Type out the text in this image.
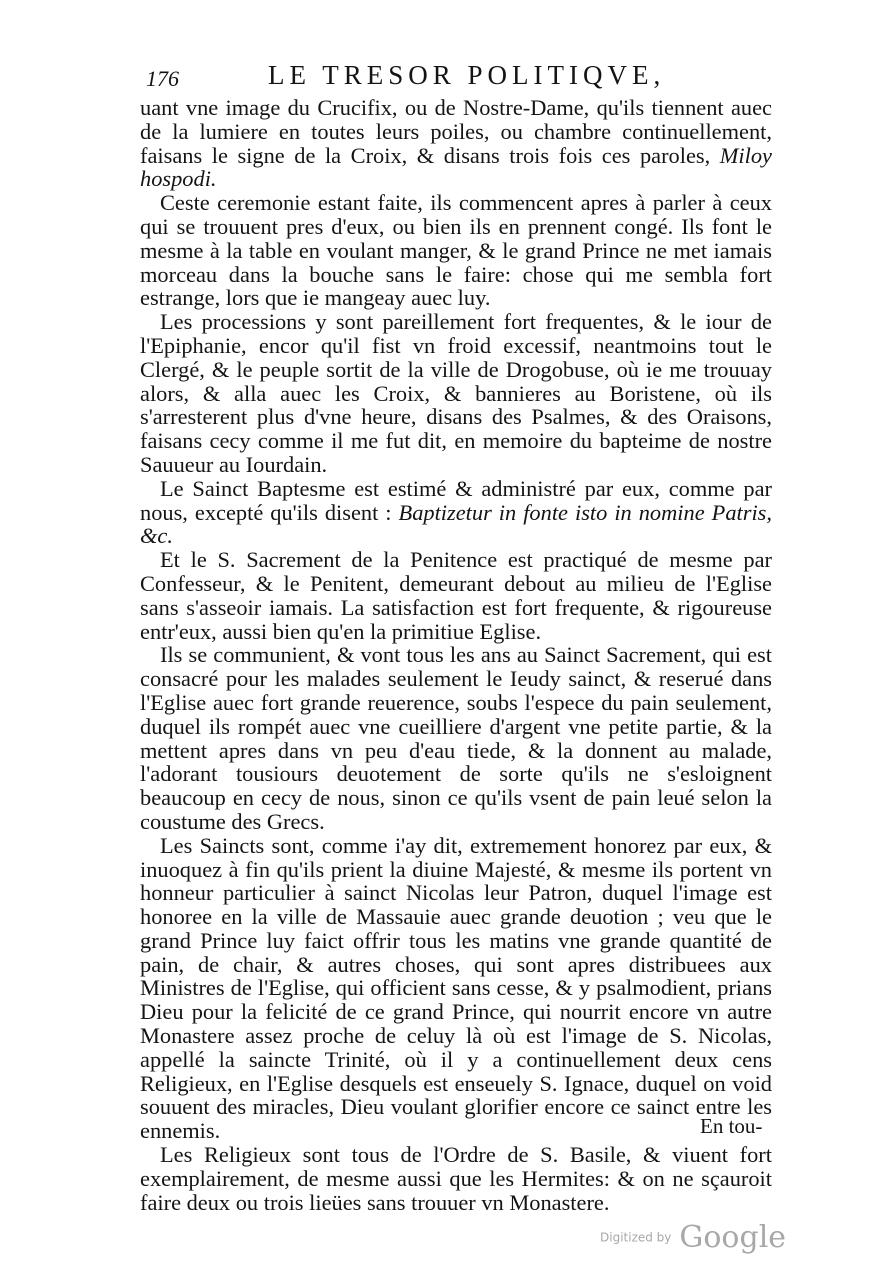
176	LE TRESOR POLITIQVE,

uant vne image du Crucifix, ou de Nostre-Dame, qu'ils tiennent auec de la lumiere en toutes leurs poiles, ou chambre continuellement, faisans le signe de la Croix, & disans trois fois ces paroles, Miloy hospodi.

Ceste ceremonie estant faite, ils commencent apres à parler à ceux qui se trouuent pres d'eux, ou bien ils en prennent congé. Ils font le mesme à la table en voulant manger, & le grand Prince ne met iamais morceau dans la bouche sans le faire: chose qui me sembla fort estrange, lors que ie mangeay auec luy.

Les processions y sont pareillement fort frequentes, & le iour de l'Epiphanie, encor qu'il fist vn froid excessif, neantmoins tout le Clergé, & le peuple sortit de la ville de Drogobuse, où ie me trouuay alors, & alla auec les Croix, & bannieres au Boristene, où ils s'arresterent plus d'vne heure, disans des Psalmes, & des Oraisons, faisans cecy comme il me fut dit, en memoire du bapteime de nostre Sauueur au Iourdain.

Le Sainct Baptesme est estimé & administré par eux, comme par nous, excepté qu'ils disent : Baptizetur in fonte isto in nomine Patris, &c.

Et le S. Sacrement de la Penitence est practiqué de mesme par Confesseur, & le Penitent, demeurant debout au milieu de l'Eglise sans s'asseoir iamais. La satisfaction est fort frequente, & rigoureuse entr'eux, aussi bien qu'en la primitiue Eglise.

Ils se communient, & vont tous les ans au Sainct Sacrement, qui est consacré pour les malades seulement le Ieudy sainct, & reserué dans l'Eglise auec fort grande reuerence, soubs l'espece du pain seulement, duquel ils rompét auec vne cueilliere d'argent vne petite partie, & la mettent apres dans vn peu d'eau tiede, & la donnent au malade, l'adorant tousiours deuotement de sorte qu'ils ne s'esloignent beaucoup en cecy de nous, sinon ce qu'ils vsent de pain leué selon la coustume des Grecs.

Les Saincts sont, comme i'ay dit, extremement honorez par eux, & inuoquez à fin qu'ils prient la diuine Majesté, & mesme ils portent vn honneur particulier à sainct Nicolas leur Patron, duquel l'image est honoree en la ville de Massauie auec grande deuotion ; veu que le grand Prince luy faict offrir tous les matins vne grande quantité de pain, de chair, & autres choses, qui sont apres distribuees aux Ministres de l'Eglise, qui officient sans cesse, & y psalmodient, prians Dieu pour la felicité de ce grand Prince, qui nourrit encore vn autre Monastere assez proche de celuy là où est l'image de S. Nicolas, appellé la saincte Trinité, où il y a continuellement deux cens Religieux, en l'Eglise desquels est enseuely S. Ignace, duquel on void souuent des miracles, Dieu voulant glorifier encore ce sainct entre les ennemis.

Les Religieux sont tous de l'Ordre de S. Basile, & viuent fort exemplairement, de mesme aussi que les Hermites: & on ne sçauroit faire deux ou trois lieües sans trouuer vn Monastere.

En tou-
Digitized by Google
